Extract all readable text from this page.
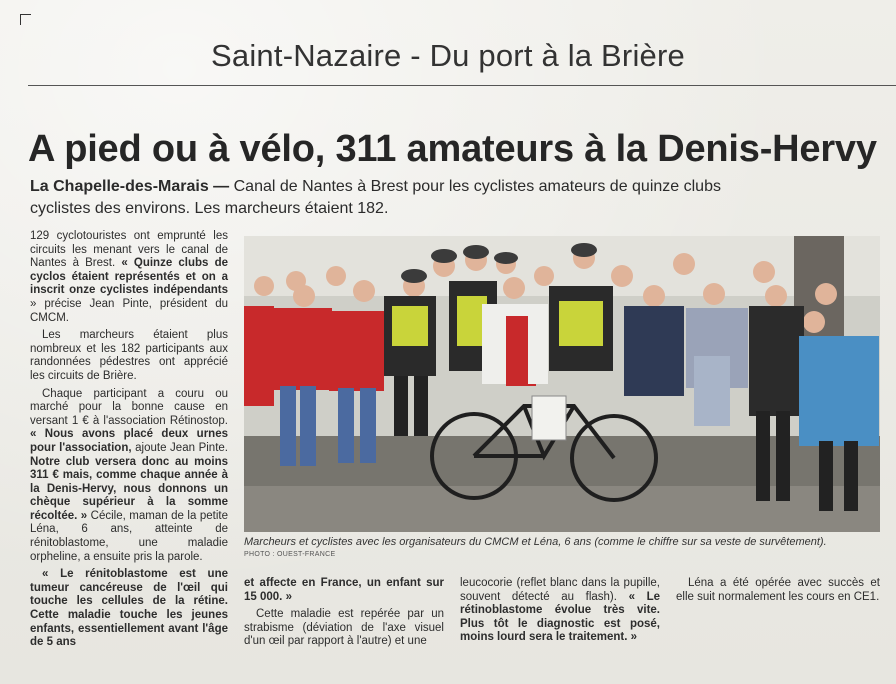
Saint-Nazaire - Du port à la Brière
A pied ou à vélo, 311 amateurs à la Denis-Hervy
La Chapelle-des-Marais — Canal de Nantes à Brest pour les cyclistes amateurs de quinze clubs cyclistes des environs. Les marcheurs étaient 182.

129 cyclotouristes ont emprunté les circuits les menant vers le canal de Nantes à Brest. « Quinze clubs de cyclos étaient représentés et on a inscrit onze cyclistes indépendants » précise Jean Pinte, président du CMCM.

Les marcheurs étaient plus nombreux et les 182 participants aux randonnées pédestres ont apprécié les circuits de Brière.

Chaque participant a couru ou marché pour la bonne cause en versant 1 € à l'association Rétinostop. « Nous avons placé deux urnes pour l'association, ajoute Jean Pinte. Notre club versera donc au moins 311 € mais, comme chaque année à la Denis-Hervy, nous donnons un chèque supérieur à la somme récoltée. » Cécile, maman de la petite Léna, 6 ans, atteinte de rénitoblastome, une maladie orpheline, a ensuite pris la parole.

« Le rénitoblastome est une tumeur cancéreuse de l'œil qui touche les cellules de la rétine. Cette maladie touche les jeunes enfants, essentiellement avant l'âge de 5 ans

Marcheurs et cyclistes avec les organisateurs du CMCM et Léna, 6 ans (comme le chiffre sur sa veste de survêtement).
PHOTO : OUEST-FRANCE

et affecte en France, un enfant sur 15 000. »

Cette maladie est repérée par un strabisme (déviation de l'axe visuel d'un œil par rapport à l'autre) et une

leucocorie (reflet blanc dans la pupille, souvent détecté au flash). « Le rétinoblastome évolue très vite. Plus tôt le diagnostic est posé, moins lourd sera le traitement. »

Léna a été opérée avec succès et elle suit normalement les cours en CE1.
